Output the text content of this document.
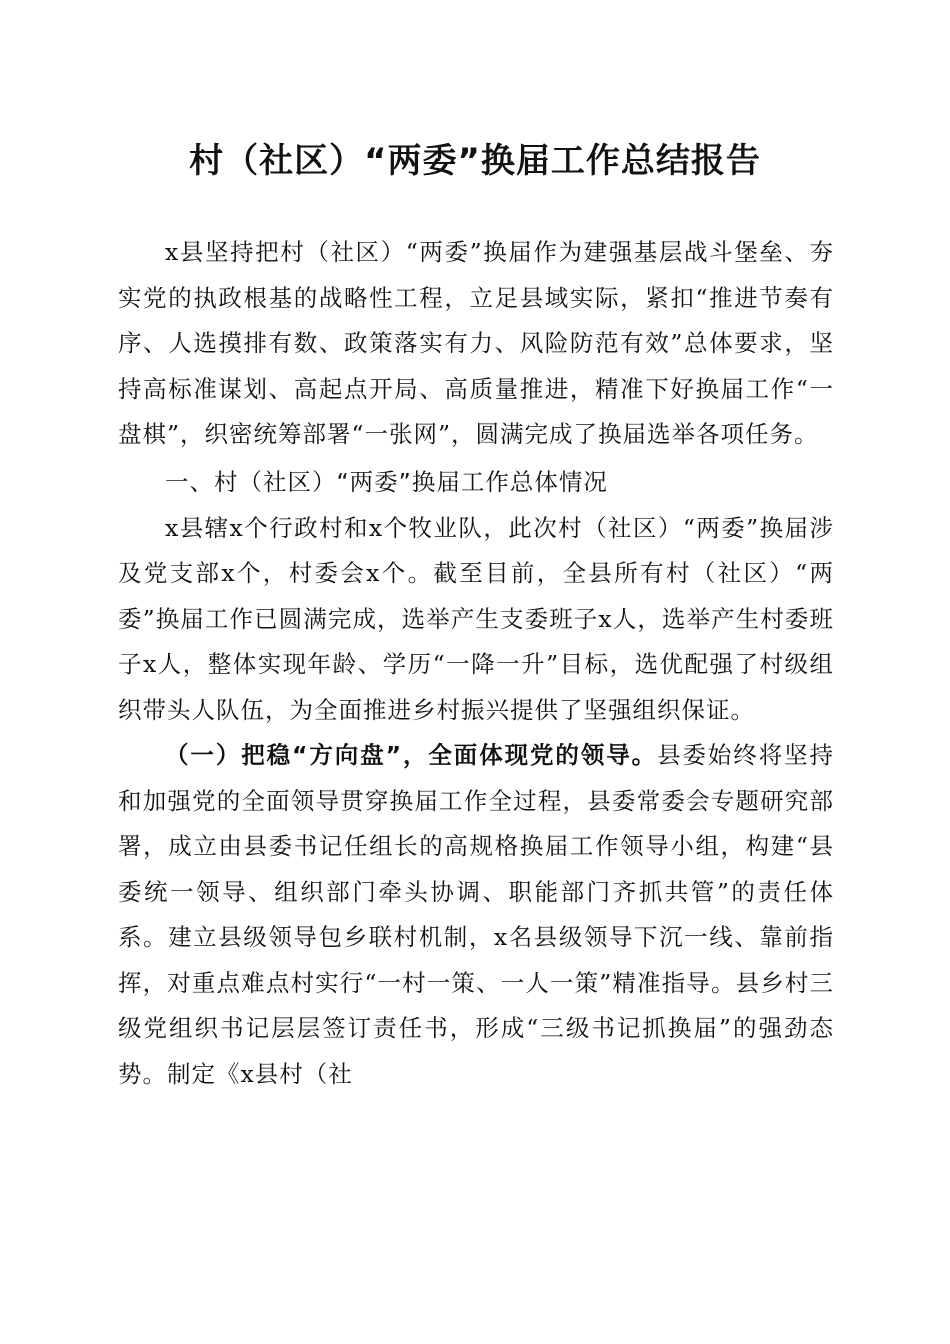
村（社区）“两委”换届工作总结报告

x县坚持把村（社区）“两委”换届作为建强基层战斗堡垒、夯实党的执政根基的战略性工程，立足县域实际，紧扣“推进节奏有序、人选摸排有数、政策落实有力、风险防范有效”总体要求，坚持高标准谋划、高起点开局、高质量推进，精准下好换届工作“一盘棋”，织密统筹部署“一张网”，圆满完成了换届选举各项任务。

一、村（社区）“两委”换届工作总体情况

x县辖x个行政村和x个牧业队，此次村（社区）“两委”换届涉及党支部x个，村委会x个。截至目前，全县所有村（社区）“两委”换届工作已圆满完成，选举产生支委班子x人，选举产生村委班子x人，整体实现年龄、学历“一降一升”目标，选优配强了村级组织带头人队伍，为全面推进乡村振兴提供了坚强组织保证。

（一）把稳“方向盘”，全面体现党的领导。县委始终将坚持和加强党的全面领导贯穿换届工作全过程，县委常委会专题研究部署，成立由县委书记任组长的高规格换届工作领导小组，构建“县委统一领导、组织部门牵头协调、职能部门齐抓共管”的责任体系。建立县级领导包乡联村机制，x名县级领导下沉一线、靠前指挥，对重点难点村实行“一村一策、一人一策”精准指导。县乡村三级党组织书记层层签订责任书，形成“三级书记抓换届”的强劲态势。制定《x县村（社
